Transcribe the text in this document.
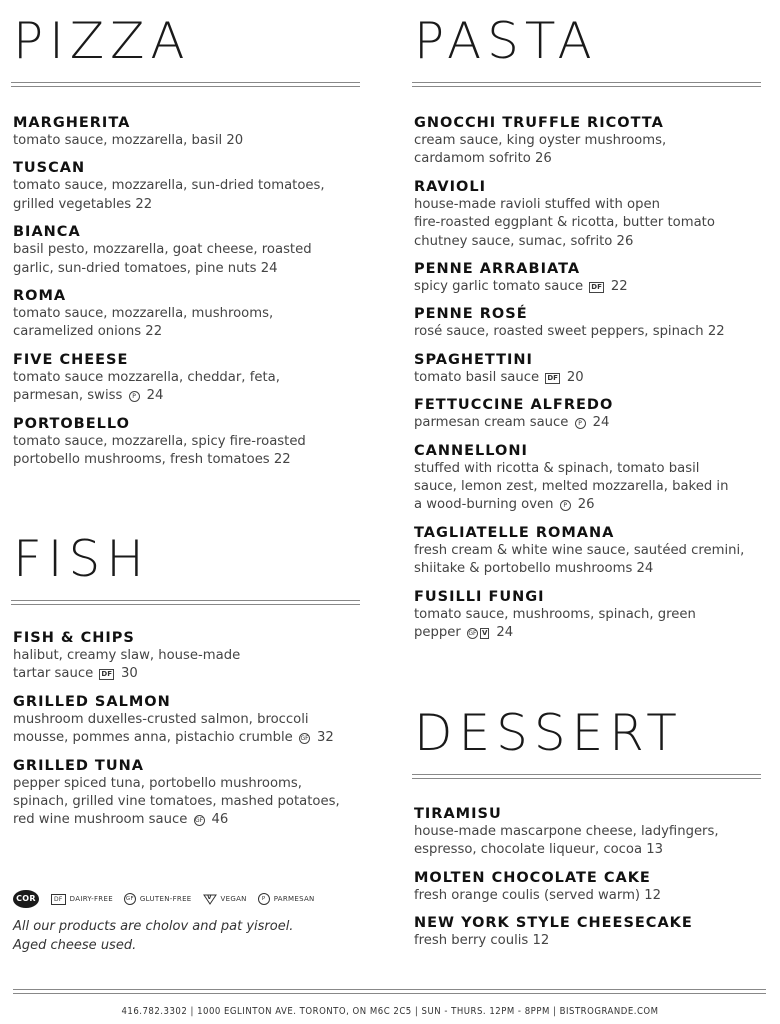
PIZZA
MARGHERITA
tomato sauce, mozzarella, basil 20
TUSCAN
tomato sauce, mozzarella, sun-dried tomatoes,
grilled vegetables 22
BIANCA
basil pesto, mozzarella, goat cheese, roasted
garlic, sun-dried tomatoes, pine nuts 24
ROMA
tomato sauce, mozzarella, mushrooms,
caramelized onions 22
FIVE CHEESE
tomato sauce mozzarella, cheddar, feta,
parmesan, swiss P 24
PORTOBELLO
tomato sauce, mozzarella, spicy fire-roasted
portobello mushrooms, fresh tomatoes 22
FISH
FISH & CHIPS
halibut, creamy slaw, house-made
tartar sauce DF 30
GRILLED SALMON
mushroom duxelles-crusted salmon, broccoli
mousse, pommes anna, pistachio crumble GF 32
GRILLED TUNA
pepper spiced tuna, portobello mushrooms,
spinach, grilled vine tomatoes, mashed potatoes,
red wine mushroom sauce GF 46
PASTA
GNOCCHI TRUFFLE RICOTTA
cream sauce, king oyster mushrooms,
cardamom sofrito 26
RAVIOLI
house-made ravioli stuffed with open
fire-roasted eggplant & ricotta, butter tomato
chutney sauce, sumac, sofrito 26
PENNE ARRABIATA
spicy garlic tomato sauce DF 22
PENNE ROSÉ
rosé sauce, roasted sweet peppers, spinach 22
SPAGHETTINI
tomato basil sauce DF 20
FETTUCCINE ALFREDO
parmesan cream sauce P 24
CANNELLONI
stuffed with ricotta & spinach, tomato basil
sauce, lemon zest, melted mozzarella, baked in
a wood-burning oven P 26
TAGLIATELLE ROMANA
fresh cream & white wine sauce, sautéed cremini,
shiitake & portobello mushrooms 24
FUSILLI FUNGI
tomato sauce, mushrooms, spinach, green
pepper GF V 24
DESSERT
TIRAMISU
house-made mascarpone cheese, ladyfingers,
espresso, chocolate liqueur, cocoa 13
MOLTEN CHOCOLATE CAKE
fresh orange coulis (served warm) 12
NEW YORK STYLE CHEESECAKE
fresh berry coulis 12
COR	DF	DAIRY-FREE	GF GLUTEN-FREE	V VEGAN	P	PARMESAN
All our products are cholov and pat yisroel.
Aged cheese used.
416.782.3302 | 1000 EGLINTON AVE. TORONTO, ON M6C 2C5 | SUN - THURS. 12PM - 8PPM | BISTROGRANDE.COM
